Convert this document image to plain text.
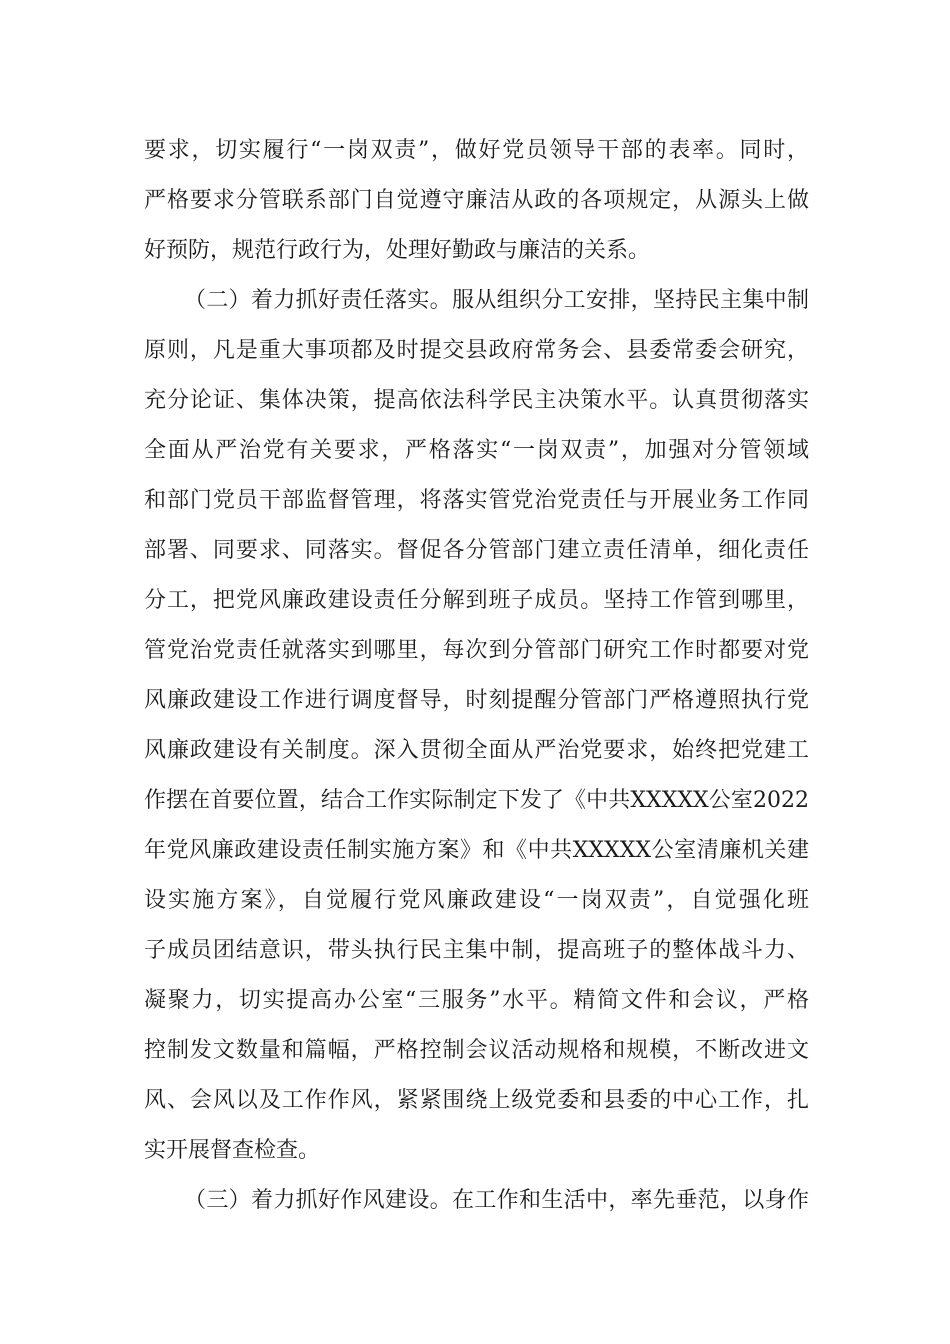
要求，切实履行“一岗双责”，做好党员领导干部的表率。同时，
严格要求分管联系部门自觉遵守廉洁从政的各项规定，从源头上做
好预防，规范行政行为，处理好勤政与廉洁的关系。
（二）着力抓好责任落实。服从组织分工安排，坚持民主集中制
原则，凡是重大事项都及时提交县政府常务会、县委常委会研究，
充分论证、集体决策，提高依法科学民主决策水平。认真贯彻落实
全面从严治党有关要求，严格落实“一岗双责”，加强对分管领域
和部门党员干部监督管理，将落实管党治党责任与开展业务工作同
部署、同要求、同落实。督促各分管部门建立责任清单，细化责任
分工，把党风廉政建设责任分解到班子成员。坚持工作管到哪里，
管党治党责任就落实到哪里，每次到分管部门研究工作时都要对党
风廉政建设工作进行调度督导，时刻提醒分管部门严格遵照执行党
风廉政建设有关制度。深入贯彻全面从严治党要求，始终把党建工
作摆在首要位置，结合工作实际制定下发了《中共XXXXX公室2022
年党风廉政建设责任制实施方案》和《中共XXXXX公室清廉机关建
设实施方案》，自觉履行党风廉政建设“一岗双责”，自觉强化班
子成员团结意识，带头执行民主集中制，提高班子的整体战斗力、
凝聚力，切实提高办公室“三服务”水平。精简文件和会议，严格
控制发文数量和篇幅，严格控制会议活动规格和规模，不断改进文
风、会风以及工作作风，紧紧围绕上级党委和县委的中心工作，扎
实开展督查检查。
（三）着力抓好作风建设。在工作和生活中，率先垂范，以身作
